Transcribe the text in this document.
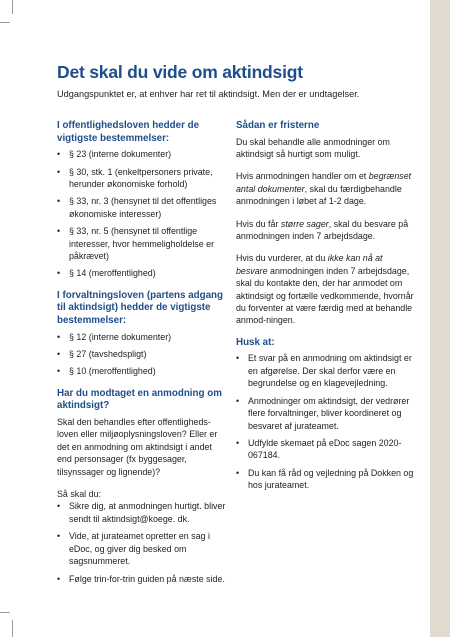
Det skal du vide om aktindsigt
Udgangspunktet er, at enhver har ret til aktindsigt. Men der er undtagelser.
I offentlighedsloven hedder de vigtigste bestemmelser:
• § 23 (interne dokumenter)
• § 30, stk. 1 (enkeltpersoners private, herunder økonomiske forhold)
• § 33, nr. 3 (hensynet til det offentliges økonomiske interesser)
• § 33, nr. 5 (hensynet til offentlige interesser, hvor hemmeligholdelse er påkrævet)
• § 14 (meroffentlighed)
I forvaltningsloven (partens adgang til aktindsigt) hedder de vigtigste bestemmelser:
• § 12 (interne dokumenter)
• § 27 (tavshedspligt)
• § 10 (meroffentlighed)
Har du modtaget en anmodning om aktindsigt?

Skal den behandles efter offentligheds-loven eller miljøoplysningsloven? Eller er det en anmodning om aktindsigt i andet end personsager (fx byggesager, tilsynssager og lignende)?

Så skal du:
• Sikre dig, at anmodningen hurtigt. bliver sendt til aktindsigt@koege. dk.
• Vide, at jurateamet opretter en sag i eDoc, og giver dig besked om sagsnummeret.
• Følge trin-for-trin guiden på næste side.
Sådan er fristerne

Du skal behandle alle anmodninger om aktindsigt så hurtigt som muligt.

Hvis anmodningen handler om et begrænset antal dokumenter, skal du færdigbehandle anmodningen i løbet af 1-2 dage.

Hvis du får større sager, skal du besvare på anmodningen inden 7 arbejdsdage.

Hvis du vurderer, at du ikke kan nå at besvare anmodningen inden 7 arbejdsdage, skal du kontakte den, der har anmodet om aktindsigt og fortælle vedkommende, hvornår du forventer at være færdig med at behandle anmod-ningen.

Husk at:
• Et svar på en anmodning om aktindsigt er en afgørelse. Der skal derfor være en begrundelse og en klagevejledning.
• Anmodninger om aktindsigt, der vedrører flere forvaltninger, bliver koordineret og besvaret af jurateamet.
• Udfylde skemaet på eDoc sagen 2020-067184.
• Du kan få råd og vejledning på Dokken og hos jurateamet.
